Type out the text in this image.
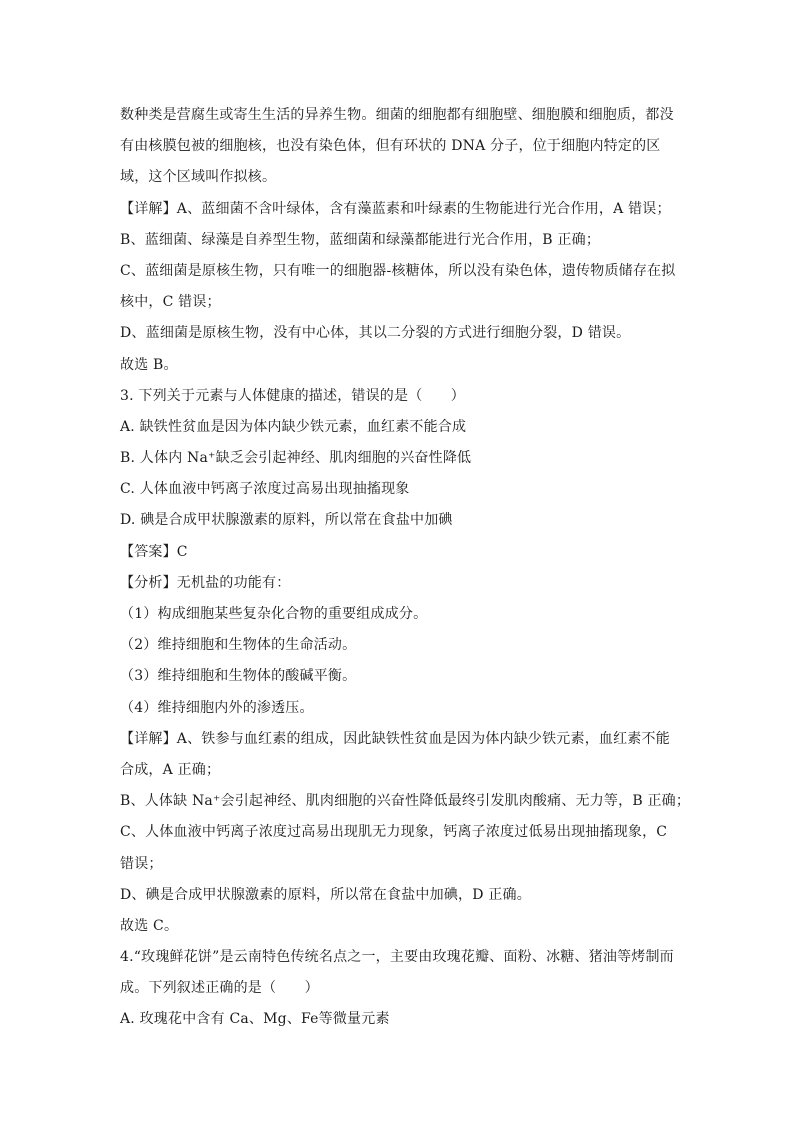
数种类是营腐生或寄生生活的异养生物。细菌的细胞都有细胞壁、细胞膜和细胞质，都没
有由核膜包被的细胞核，也没有染色体，但有环状的 DNA 分子，位于细胞内特定的区
域，这个区域叫作拟核。
【详解】A、蓝细菌不含叶绿体，含有藻蓝素和叶绿素的生物能进行光合作用，A 错误；
B、蓝细菌、绿藻是自养型生物，蓝细菌和绿藻都能进行光合作用，B 正确；
C、蓝细菌是原核生物，只有唯一的细胞器-核糖体，所以没有染色体，遗传物质储存在拟
核中，C 错误；
D、蓝细菌是原核生物，没有中心体，其以二分裂的方式进行细胞分裂，D 错误。
故选 B。
3. 下列关于元素与人体健康的描述，错误的是（　　）
A. 缺铁性贫血是因为体内缺少铁元素，血红素不能合成
B. 人体内 Na⁺缺乏会引起神经、肌肉细胞的兴奋性降低
C. 人体血液中钙离子浓度过高易出现抽搐现象
D. 碘是合成甲状腺激素的原料，所以常在食盐中加碘
【答案】C
【分析】无机盐的功能有：
（1）构成细胞某些复杂化合物的重要组成成分。
（2）维持细胞和生物体的生命活动。
（3）维持细胞和生物体的酸碱平衡。
（4）维持细胞内外的渗透压。
【详解】A、铁参与血红素的组成，因此缺铁性贫血是因为体内缺少铁元素，血红素不能
合成，A 正确；
B、人体缺 Na⁺会引起神经、肌肉细胞的兴奋性降低最终引发肌肉酸痛、无力等，B 正确；
C、人体血液中钙离子浓度过高易出现肌无力现象，钙离子浓度过低易出现抽搐现象，C
错误；
D、碘是合成甲状腺激素的原料，所以常在食盐中加碘，D 正确。
故选 C。
4.“玫瑰鲜花饼”是云南特色传统名点之一，主要由玫瑰花瓣、面粉、冰糖、猪油等烤制而
成。下列叙述正确的是（　　）
A. 玫瑰花中含有 Ca、Mg、Fe等微量元素
